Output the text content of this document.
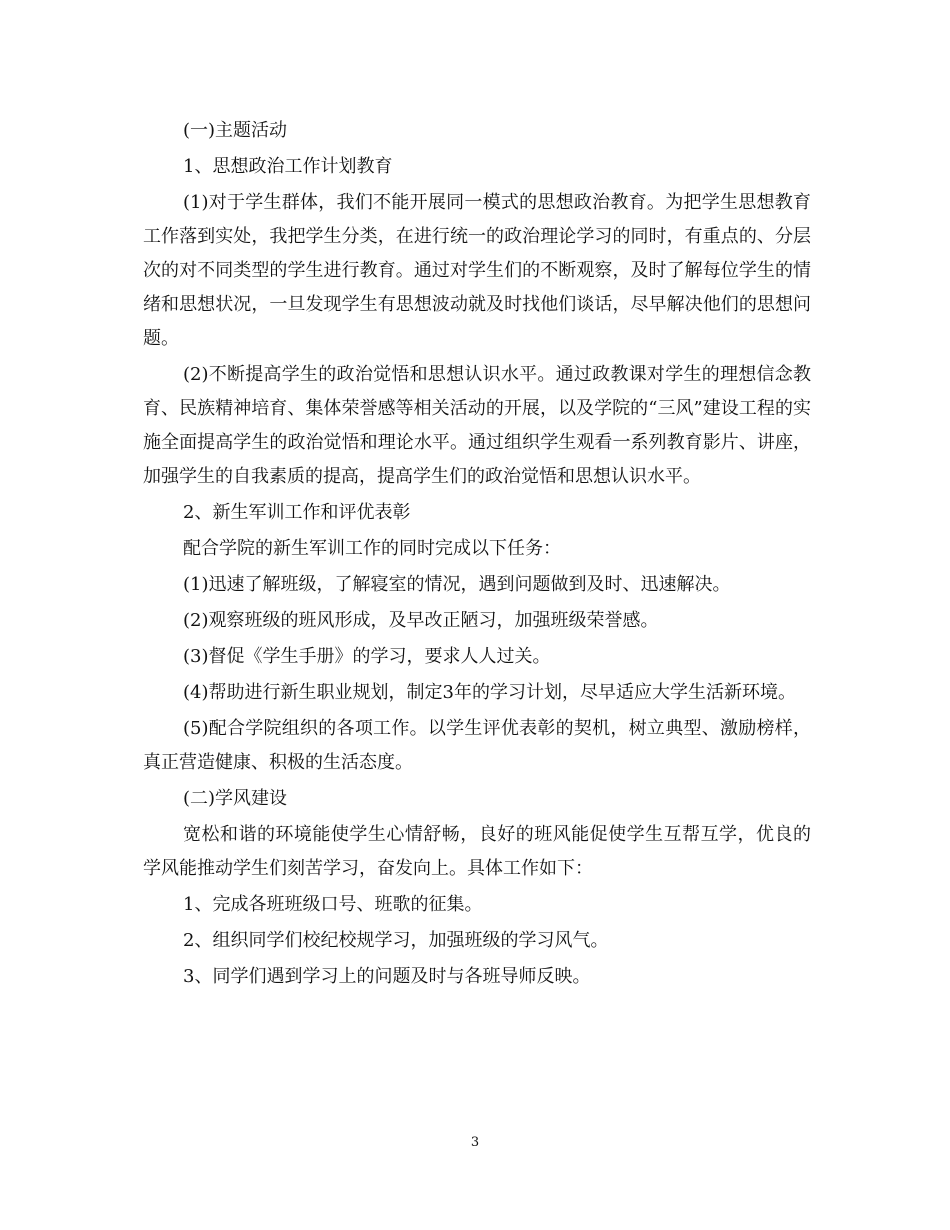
(一)主题活动

1、思想政治工作计划教育

(1)对于学生群体，我们不能开展同一模式的思想政治教育。为把学生思想教育工作落到实处，我把学生分类，在进行统一的政治理论学习的同时，有重点的、分层次的对不同类型的学生进行教育。通过对学生们的不断观察，及时了解每位学生的情绪和思想状况，一旦发现学生有思想波动就及时找他们谈话，尽早解决他们的思想问题。

(2)不断提高学生的政治觉悟和思想认识水平。通过政教课对学生的理想信念教育、民族精神培育、集体荣誉感等相关活动的开展，以及学院的“三风”建设工程的实施全面提高学生的政治觉悟和理论水平。通过组织学生观看一系列教育影片、讲座，加强学生的自我素质的提高，提高学生们的政治觉悟和思想认识水平。

2、新生军训工作和评优表彰

配合学院的新生军训工作的同时完成以下任务：

(1)迅速了解班级，了解寝室的情况，遇到问题做到及时、迅速解决。

(2)观察班级的班风形成，及早改正陋习，加强班级荣誉感。

(3)督促《学生手册》的学习，要求人人过关。

(4)帮助进行新生职业规划，制定3年的学习计划，尽早适应大学生活新环境。

(5)配合学院组织的各项工作。以学生评优表彰的契机，树立典型、激励榜样，真正营造健康、积极的生活态度。

(二)学风建设

宽松和谐的环境能使学生心情舒畅，良好的班风能促使学生互帮互学，优良的学风能推动学生们刻苦学习，奋发向上。具体工作如下：

1、完成各班班级口号、班歌的征集。

2、组织同学们校纪校规学习，加强班级的学习风气。

3、同学们遇到学习上的问题及时与各班导师反映。

3
